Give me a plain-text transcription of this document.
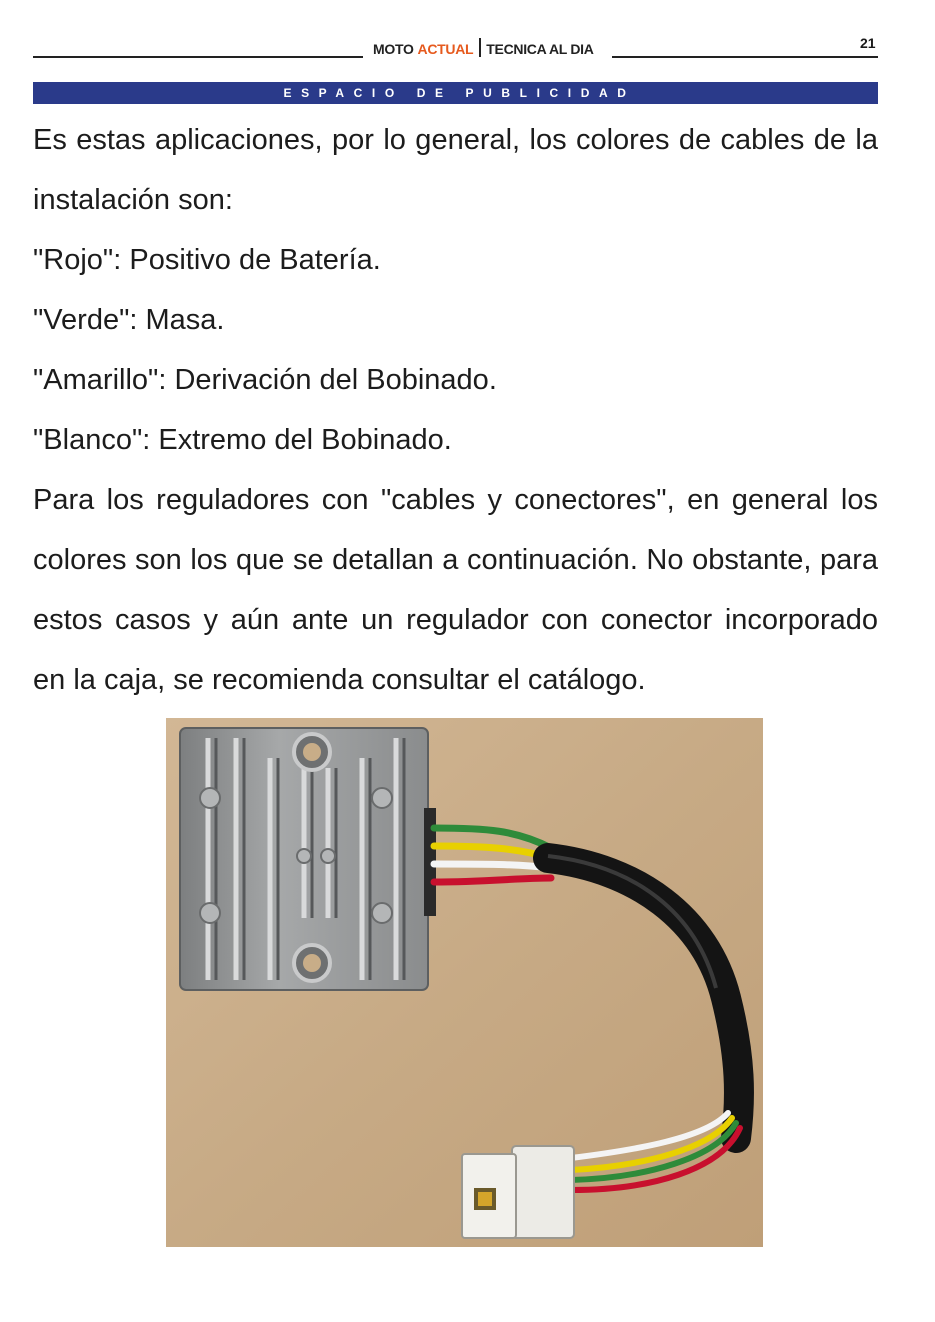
MOTO ACTUAL TECNICA AL DIA	21
ESPACIO DE PUBLICIDAD
Es estas aplicaciones, por lo general, los colores de cables de la
instalación son:
"Rojo": Positivo de Batería.
"Verde": Masa.
"Amarillo": Derivación del Bobinado.
"Blanco": Extremo del Bobinado.
Para los reguladores con "cables y conectores", en general los
colores son los que se detallan a continuación. No obstante, para
estos casos y aún ante un regulador con conector incorporado
en la caja, se recomienda consultar el catálogo.
